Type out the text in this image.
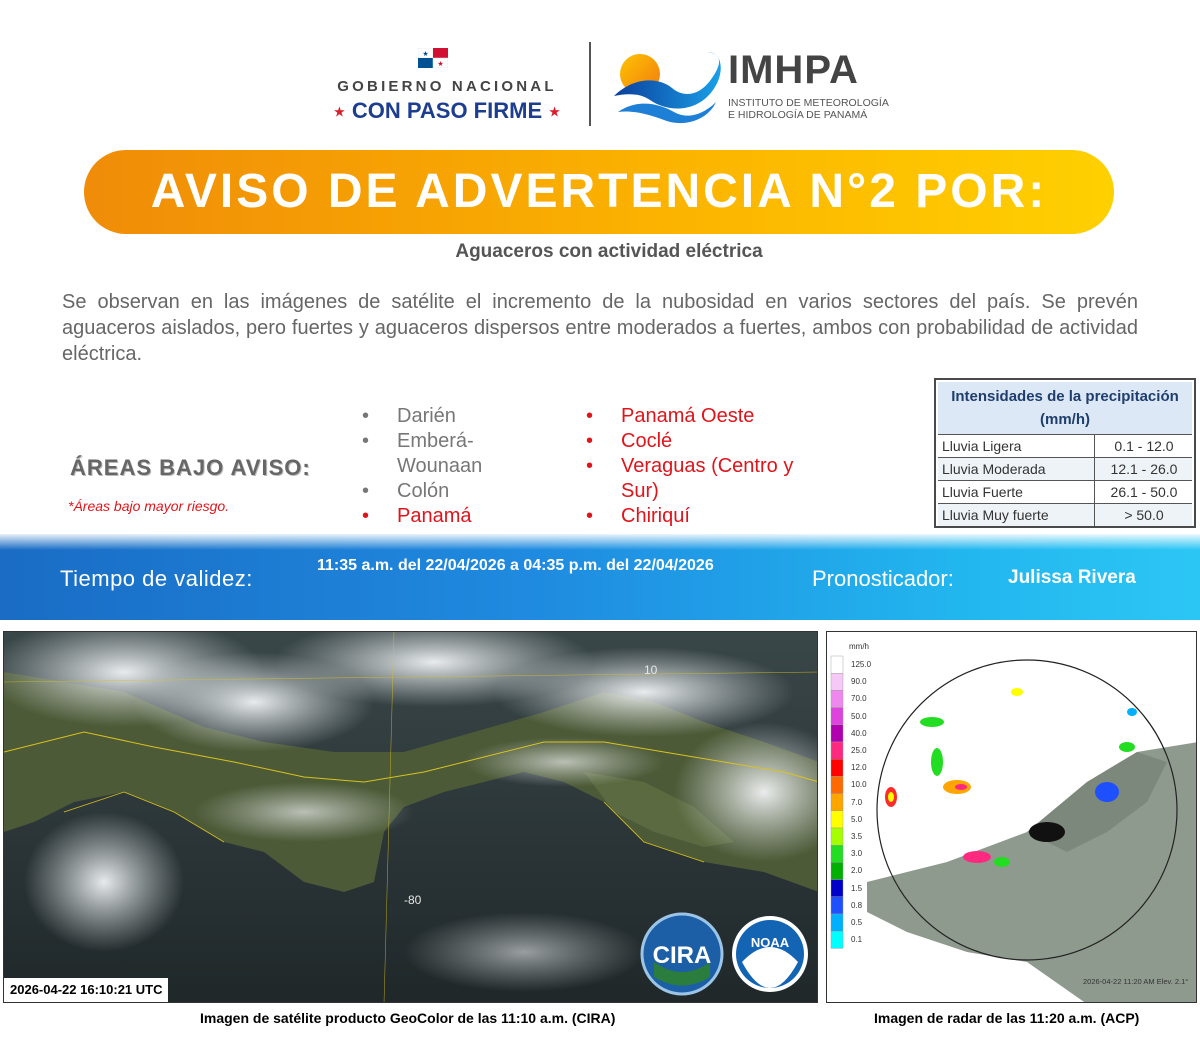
★
★
GOBIERNO NACIONAL
★ CON PASO FIRME ★
IMHPA
INSTITUTO DE METEOROLOGÍA
E HIDROLOGÍA DE PANAMÁ
AVISO DE ADVERTENCIA N°2 POR:
Aguaceros con actividad eléctrica
Se observan en las imágenes de satélite el incremento de la nubosidad en varios sectores del país. Se prevén aguaceros aislados, pero fuertes y aguaceros dispersos entre moderados a fuertes, ambos con probabilidad de actividad eléctrica.
ÁREAS BAJO AVISO:
*Áreas bajo mayor riesgo.
• Darién
• Emberá-Wounaan
• Colón
• Panamá
• Panamá Oeste
• Coclé
• Veraguas (Centro y Sur)
• Chiriquí
Intensidades de la precipitación
(mm/h)
Lluvia Ligera	0.1 - 12.0
Lluvia Moderada	12.1 - 26.0
Lluvia Fuerte	26.1 - 50.0
Lluvia Muy fuerte	> 50.0
Tiempo de validez:
11:35 a.m. del 22/04/2026 a 04:35 p.m. del 22/04/2026
Pronosticador:	Julissa Rivera
10
-80
CIRA	NOAA
2026-04-22 16:10:21 UTC
Imagen de satélite producto GeoColor de las 11:10 a.m. (CIRA)
mm/h
125.0
90.0
70.0
50.0
40.0
25.0
12.0
10.0
7.0
5.0
3.5
3.0
2.0
1.5
0.8
0.5
0.1
2026-04-22 11:20 AM Elev. 2.1°
Imagen de radar de las 11:20 a.m. (ACP)
